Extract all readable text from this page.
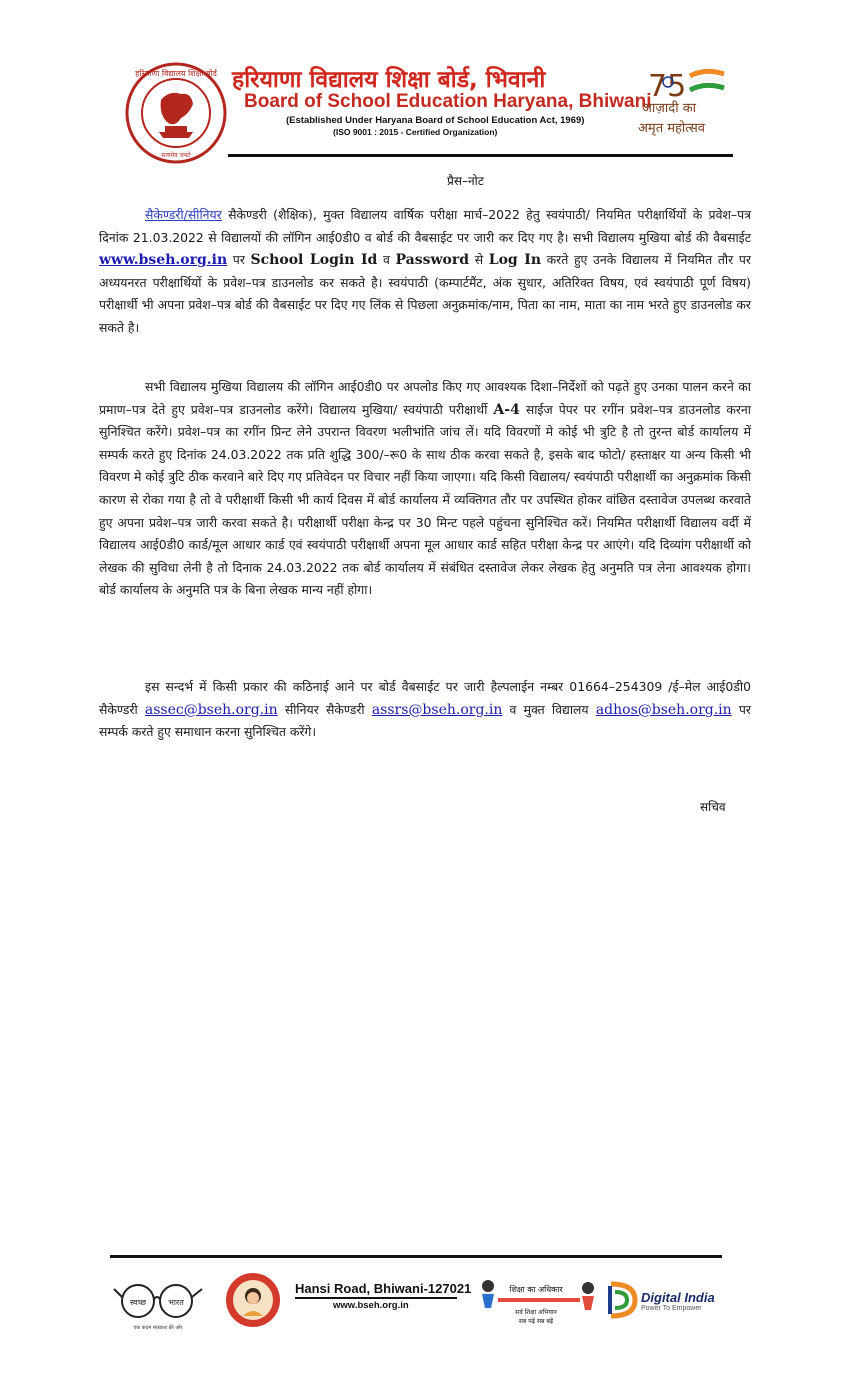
हरियाणा विद्यालय शिक्षा बोर्ड
सत्यमेव जयते
हरियाणा विद्यालय शिक्षा बोर्ड, भिवानी
Board of School Education Haryana, Bhiwani
(Established Under Haryana Board of School Education Act, 1969)
(ISO 9001 : 2015 - Certified Organization)
75
आज़ादी का
अमृत महोत्सव
प्रैस–नोट

सैकेण्डरी/सीनियर सैकेण्डरी (शैक्षिक), मुक्त विद्यालय वार्षिक परीक्षा मार्च–2022 हेतु स्वयंपाठी/ नियमित परीक्षार्थियों के प्रवेश–पत्र दिनांक 21.03.2022 से विद्यालयों की लॉगिन आई0डी0 व बोर्ड की वैबसाईट पर जारी कर दिए गए है। सभी विद्यालय मुखिया बोर्ड की वैबसाईट www.bseh.org.in पर School Login Id व Password से Log In करते हुए उनके विद्यालय में नियमित तौर पर अध्ययनरत परीक्षार्थियों के प्रवेश–पत्र डाउनलोड कर सकते है। स्वयंपाठी (कम्पार्टमैंट, अंक सुधार, अतिरिक्त विषय, एवं स्वयंपाठी पूर्ण विषय) परीक्षार्थी भी अपना प्रवेश–पत्र बोर्ड की वैबसाईट पर दिए गए लिंक से पिछला अनुक्रमांक/नाम, पिता का नाम, माता का नाम भरते हुए डाउनलोड कर सकते है।

सभी विद्यालय मुखिया विद्यालय की लॉगिन आई0डी0 पर अपलोड किए गए आवश्यक दिशा–निर्देशों को पढ़ते हुए उनका पालन करने का प्रमाण–पत्र देते हुए प्रवेश–पत्र डाउनलोड करेंगे। विद्यालय मुखिया/ स्वयंपाठी परीक्षार्थी A-4 साईज पेपर पर रगींन प्रवेश–पत्र डाउनलोड करना सुनिश्चित करेंगे। प्रवेश–पत्र का रगींन प्रिन्ट लेने उपरान्त विवरण भलीभांति जांच लें। यदि विवरणों मे कोई भी त्रुटि है तो तुरन्त बोर्ड कार्यालय में सम्पर्क करते हुए दिनांक 24.03.2022 तक प्रति शुद्धि 300/–रू0 के साथ ठीक करवा सकते है, इसके बाद फोटो/ हस्ताक्षर या अन्य किसी भी विवरण मे कोई त्रुटि ठीक करवाने बारे दिए गए प्रतिवेदन पर विचार नहीं किया जाएगा। यदि किसी विद्यालय/ स्वयंपाठी परीक्षार्थी का अनुक्रमांक किसी कारण से रोका गया है तो वे परीक्षार्थी किसी भी कार्य दिवस में बोर्ड कार्यालय में व्यक्तिगत तौर पर उपस्थित होकर वांछित दस्तावेज उपलब्ध करवाते हुए अपना प्रवेश–पत्र जारी करवा सकते है। परीक्षार्थी परीक्षा केन्द्र पर 30 मिन्ट पहले पहुंचना सुनिश्चित करें। नियमित परीक्षार्थी विद्यालय वर्दी में विद्यालय आई0डी0 कार्ड/मूल आधार कार्ड एवं स्वयंपाठी परीक्षार्थी अपना मूल आधार कार्ड सहित परीक्षा केन्द्र पर आएंगे। यदि दिव्यांग परीक्षार्थी को लेखक की सुविधा लेनी है तो दिनाक 24.03.2022 तक बोर्ड कार्यालय में संबंधित दस्तावेज लेकर लेखक हेतु अनुमति पत्र लेना आवश्यक होगा। बोर्ड कार्यालय के अनुमति पत्र के बिना लेखक मान्य नहीं होगा।

इस सन्दर्भ में किसी प्रकार की कठिनाई आने पर बोर्ड वैबसाईट पर जारी हैल्पलाईन नम्बर 01664–254309 /ई–मेल आई0डी0 सैकेण्डरी assec@bseh.org.in सीनियर सैकेण्डरी assrs@bseh.org.in व मुक्त विद्यालय adhos@bseh.org.in पर सम्पर्क करते हुए समाधान करना सुनिश्चित करेंगे।

सचिव
स्वच्छ	भारत
एक कदम स्वच्छता की ओर
Hansi Road, Bhiwani-127021
www.bseh.org.in
शिक्षा का अधिकार
सर्व शिक्षा अभियान
सब पढ़ें सब बढ़ें
Digital India
Power To Empower
